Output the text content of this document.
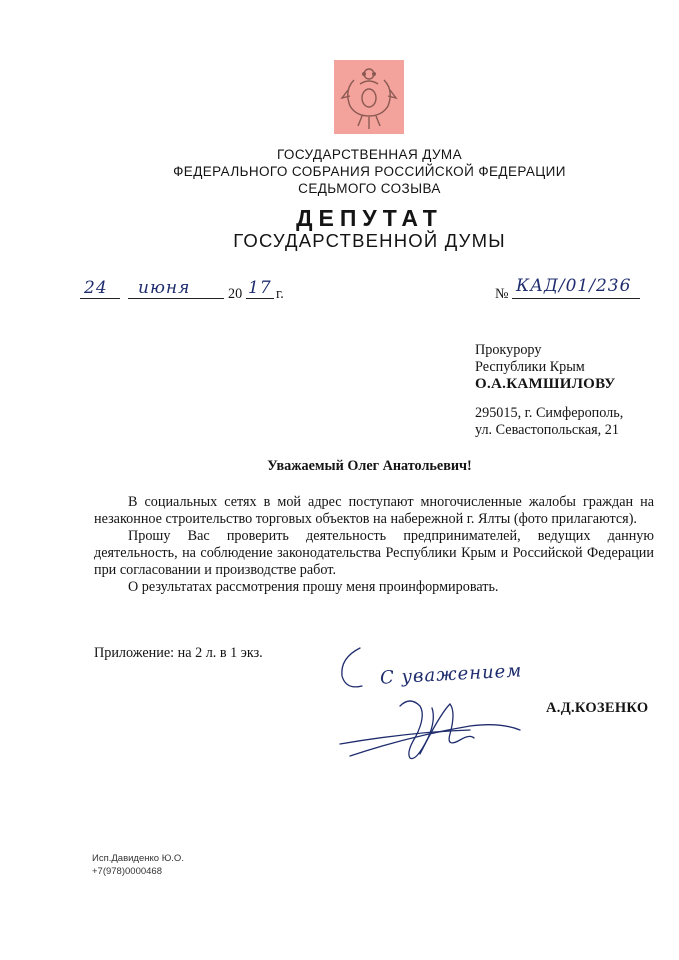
ГОСУДАРСТВЕННАЯ ДУМА
ФЕДЕРАЛЬНОГО СОБРАНИЯ РОССИЙСКОЙ ФЕДЕРАЦИИ
СЕДЬМОГО СОЗЫВА
ДЕПУТАТ
ГОСУДАРСТВЕННОЙ ДУМЫ
24 июня	20 17 г.	№ КАД/01/236
Прокурору
Республики Крым
О.А.КАМШИЛОВУ
295015, г. Симферополь,
ул. Севастопольская, 21
Уважаемый Олег Анатольевич!

В социальных сетях в мой адрес поступают многочисленные жалобы граждан на незаконное строительство торговых объектов на набережной г. Ялты (фото прилагаются).

Прошу Вас проверить деятельность предпринимателей, ведущих данную деятельность, на соблюдение законодательства Республики Крым и Российской Федерации при согласовании и производстве работ.

О результатах рассмотрения прошу меня проинформировать.

Приложение: на 2 л. в 1 экз.
С уважением
А.Д.КОЗЕНКО
Исп.Давиденко Ю.О.
+7(978)0000468
